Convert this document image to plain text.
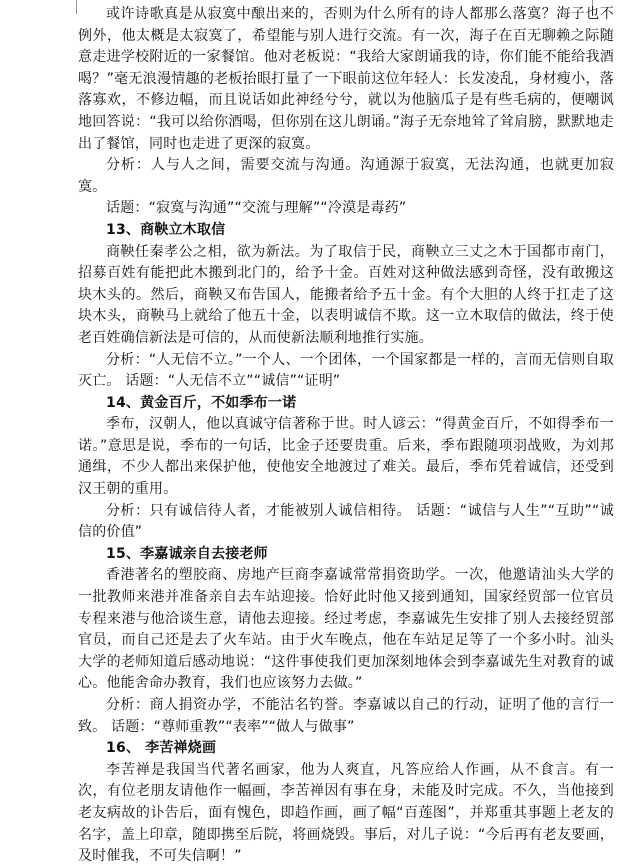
或许诗歌真是从寂寞中酿出来的，否则为什么所有的诗人都那么落寞？海子也不例外，他太概是太寂寞了，希望能与别人进行交流。有一次，海子在百无聊赖之际随意走进学校附近的一家餐馆。他对老板说：“我给大家朗诵我的诗，你们能不能给我酒喝？”毫无浪漫情趣的老板抬眼打量了一下眼前这位年轻人：长发凌乱，身材瘦小，落落寡欢，不修边幅，而且说话如此神经兮兮，就以为他脑瓜子是有些毛病的，便嘲讽地回答说：“我可以给你酒喝，但你别在这儿朗诵。”海子无奈地耸了耸肩膀，默默地走出了餐馆，同时也走进了更深的寂寞。

分析：人与人之间，需要交流与沟通。沟通源于寂寞，无法沟通，也就更加寂寞。

话题：“寂寞与沟通”“交流与理解”“冷漠是毒药”

13、商鞅立木取信

商鞅任秦孝公之相，欲为新法。为了取信于民，商鞅立三丈之木于国都市南门，招募百姓有能把此木搬到北门的，给予十金。百姓对这种做法感到奇怪，没有敢搬这块木头的。然后，商鞅又布告国人，能搬者给予五十金。有个大胆的人终于扛走了这块木头，商鞅马上就给了他五十金，以表明诚信不欺。这一立木取信的做法，终于使老百姓确信新法是可信的，从而使新法顺利地推行实施。

分析：“人无信不立。”一个人、一个团体，一个国家都是一样的，言而无信则自取灭亡。 话题：“人无信不立”“诚信”“证明”

14、黄金百斤，不如季布一诺

季布，汉朝人，他以真诚守信著称于世。时人谚云：“得黄金百斤，不如得季布一诺。”意思是说，季布的一句话，比金子还要贵重。后来，季布跟随项羽战败，为刘邦通缉，不少人都出来保护他，使他安全地渡过了难关。最后，季布凭着诚信，还受到汉王朝的重用。

分析：只有诚信待人者，才能被别人诚信相待。 话题：“诚信与人生”“互助”“诚信的价值”

15、李嘉诚亲自去接老师

香港著名的塑胶商、房地产巨商李嘉诚常常捐资助学。一次，他邀请汕头大学的一批教师来港并准备亲自去车站迎接。恰好此时他又接到通知，国家经贸部一位官员专程来港与他洽谈生意，请他去迎接。经过考虑，李嘉诚先生安排了别人去接经贸部官员，而自己还是去了火车站。由于火车晚点，他在车站足足等了一个多小时。汕头大学的老师知道后感动地说：“这件事使我们更加深刻地体会到李嘉诚先生对教育的诚心。他能舍命办教育，我们也应该努力去做。”

分析：商人捐资办学，不能沽名钓誉。李嘉诚以自己的行动，证明了他的言行一致。 话题：“尊师重教”“表率”“做人与做事”

16、 李苦禅烧画

李苦禅是我国当代著名画家，他为人爽直，凡答应给人作画，从不食言。有一次，有位老朋友请他作一幅画，李苦禅因有事在身，未能及时完成。不久，当他接到老友病故的讣告后，面有愧色，即趋作画，画了幅“百莲图”，并郑重其事题上老友的名字，盖上印章，随即携至后院，将画烧毁。事后，对儿子说：“今后再有老友要画，及时催我，不可失信啊！”
